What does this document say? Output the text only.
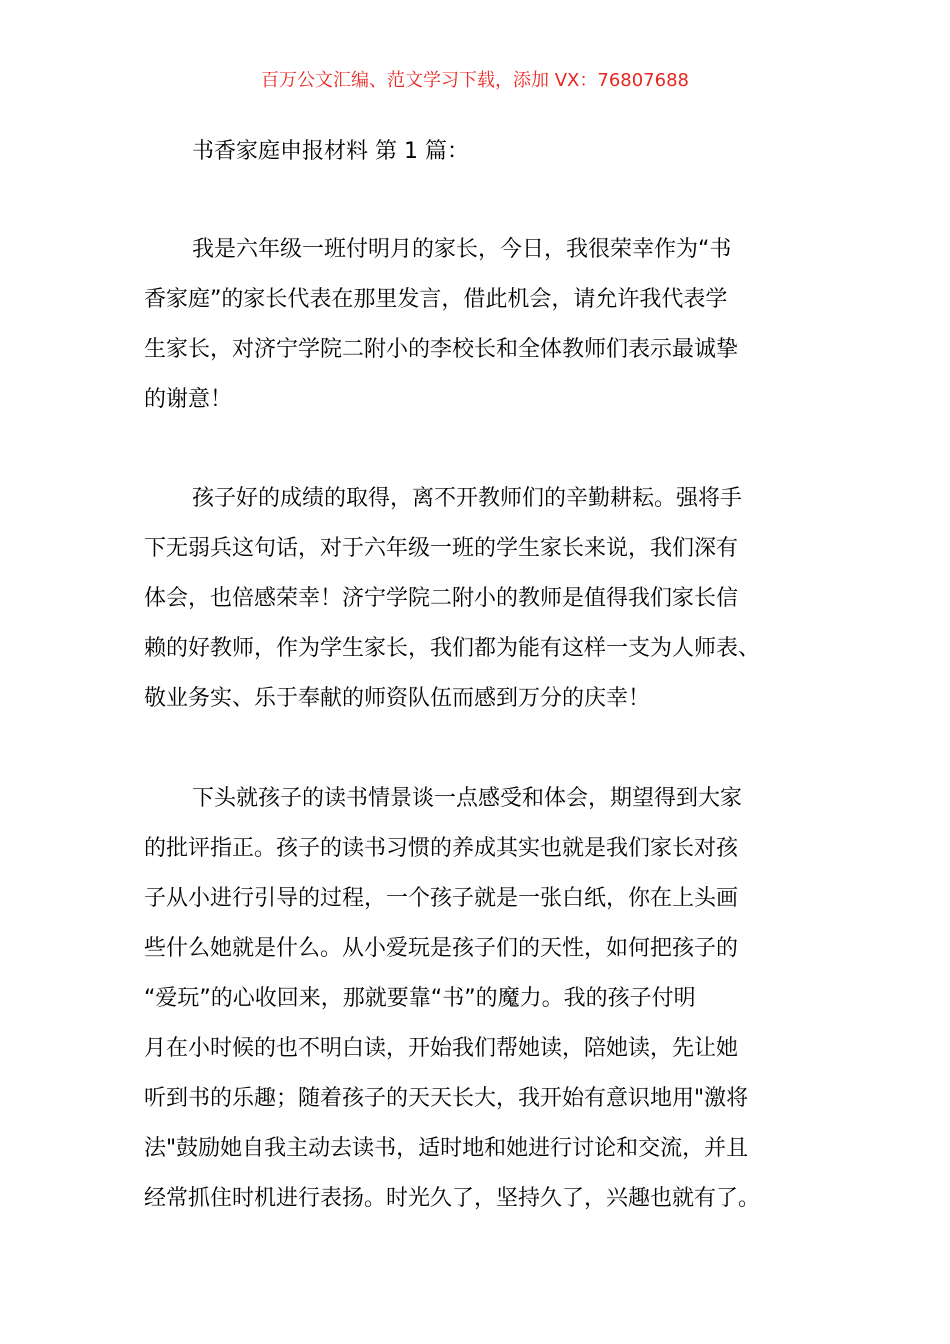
百万公文汇编、范文学习下载，添加 VX：76807688
书香家庭申报材料 第 1 篇：
我是六年级一班付明月的家长，今日，我很荣幸作为“书
香家庭”的家长代表在那里发言，借此机会，请允许我代表学
生家长，对济宁学院二附小的李校长和全体教师们表示最诚挚
的谢意！
孩子好的成绩的取得，离不开教师们的辛勤耕耘。强将手
下无弱兵这句话，对于六年级一班的学生家长来说，我们深有
体会，也倍感荣幸！济宁学院二附小的教师是值得我们家长信
赖的好教师，作为学生家长，我们都为能有这样一支为人师表、
敬业务实、乐于奉献的师资队伍而感到万分的庆幸！
下头就孩子的读书情景谈一点感受和体会，期望得到大家
的批评指正。孩子的读书习惯的养成其实也就是我们家长对孩
子从小进行引导的过程，一个孩子就是一张白纸，你在上头画
些什么她就是什么。从小爱玩是孩子们的天性，如何把孩子的
“爱玩”的心收回来，那就要靠“书”的魔力。我的孩子付明
月在小时候的也不明白读，开始我们帮她读，陪她读，先让她
听到书的乐趣；随着孩子的天天长大，我开始有意识地用"激将
法"鼓励她自我主动去读书，适时地和她进行讨论和交流，并且
经常抓住时机进行表扬。时光久了，坚持久了，兴趣也就有了。
